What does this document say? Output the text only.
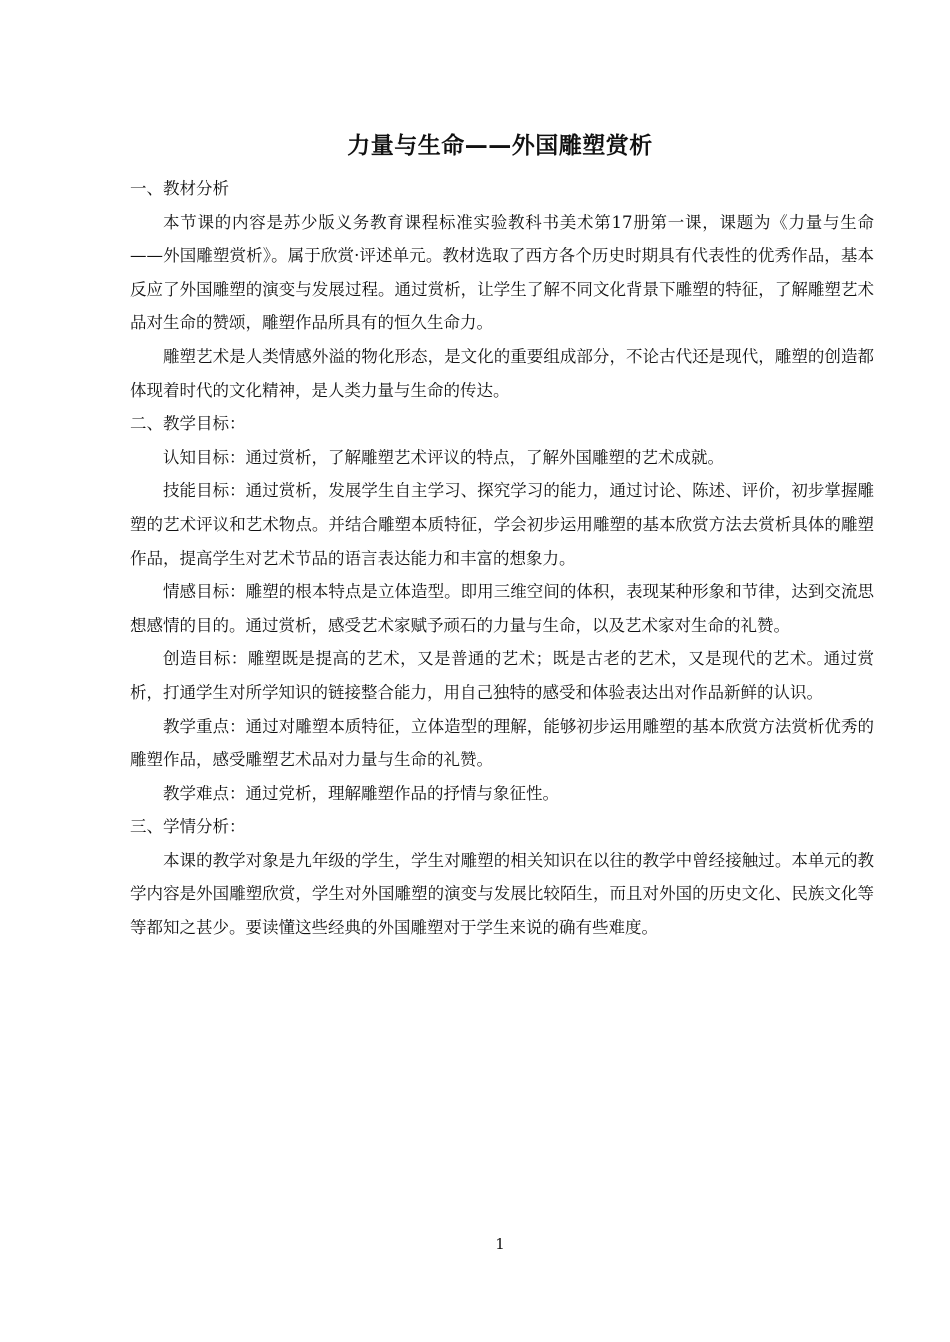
力量与生命——外国雕塑赏析

一、教材分析

本节课的内容是苏少版义务教育课程标准实验教科书美术第17册第一课，课题为《力量与生命——外国雕塑赏析》。属于欣赏·评述单元。教材选取了西方各个历史时期具有代表性的优秀作品，基本反应了外国雕塑的演变与发展过程。通过赏析，让学生了解不同文化背景下雕塑的特征，了解雕塑艺术品对生命的赞颂，雕塑作品所具有的恒久生命力。

雕塑艺术是人类情感外溢的物化形态，是文化的重要组成部分，不论古代还是现代，雕塑的创造都体现着时代的文化精神，是人类力量与生命的传达。

二、教学目标：

认知目标：通过赏析，了解雕塑艺术评议的特点，了解外国雕塑的艺术成就。

技能目标：通过赏析，发展学生自主学习、探究学习的能力，通过讨论、陈述、评价，初步掌握雕塑的艺术评议和艺术物点。并结合雕塑本质特征，学会初步运用雕塑的基本欣赏方法去赏析具体的雕塑作品，提高学生对艺术节品的语言表达能力和丰富的想象力。

情感目标：雕塑的根本特点是立体造型。即用三维空间的体积，表现某种形象和节律，达到交流思想感情的目的。通过赏析，感受艺术家赋予顽石的力量与生命，以及艺术家对生命的礼赞。

创造目标：雕塑既是提高的艺术，又是普通的艺术；既是古老的艺术，又是现代的艺术。通过赏析，打通学生对所学知识的链接整合能力，用自己独特的感受和体验表达出对作品新鲜的认识。

教学重点：通过对雕塑本质特征，立体造型的理解，能够初步运用雕塑的基本欣赏方法赏析优秀的雕塑作品，感受雕塑艺术品对力量与生命的礼赞。

教学难点：通过党析，理解雕塑作品的抒情与象征性。

三、学情分析：

本课的教学对象是九年级的学生，学生对雕塑的相关知识在以往的教学中曾经接触过。本单元的教学内容是外国雕塑欣赏，学生对外国雕塑的演变与发展比较陌生，而且对外国的历史文化、民族文化等等都知之甚少。要读懂这些经典的外国雕塑对于学生来说的确有些难度。

1
